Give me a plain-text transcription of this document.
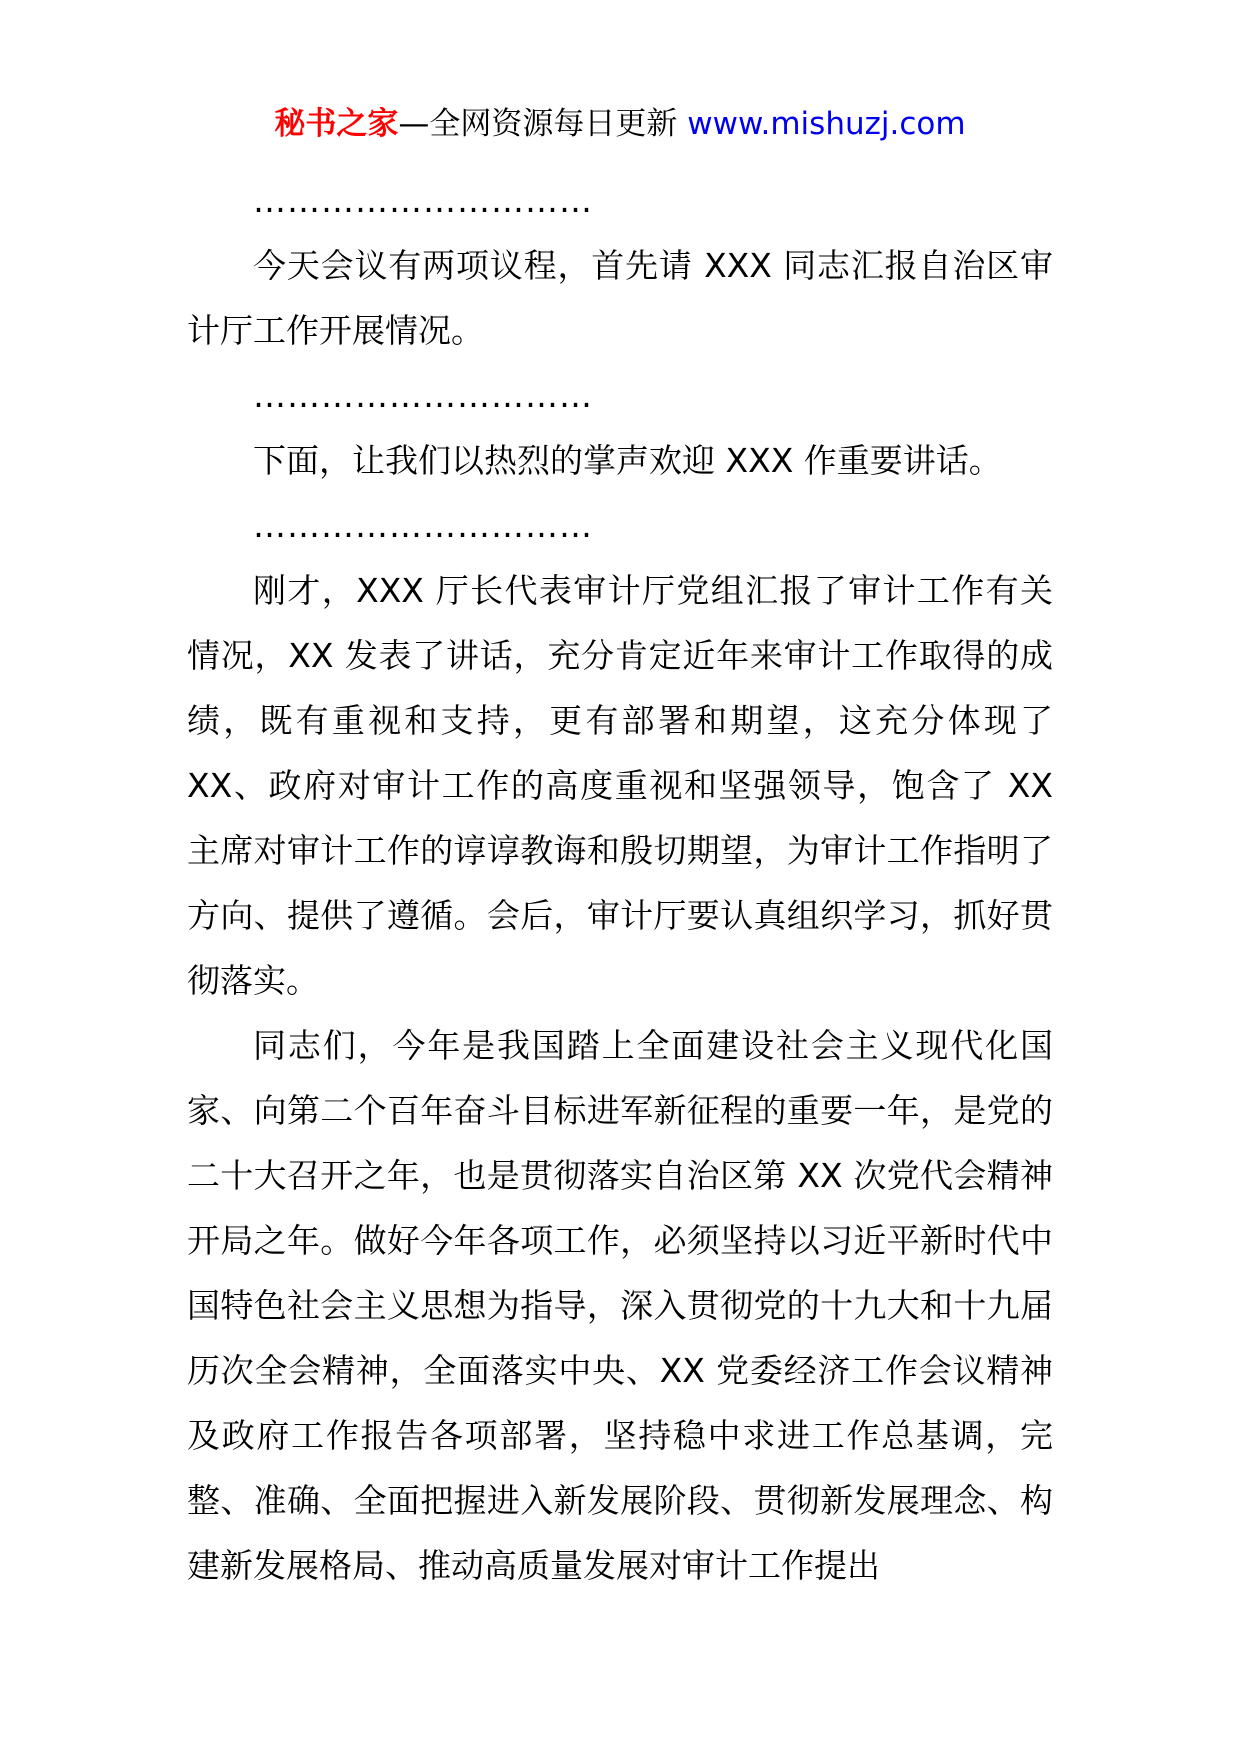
秘书之家—全网资源每日更新 www.mishuzj.com

…………………………

今天会议有两项议程，首先请 XXX 同志汇报自治区审计厅工作开展情况。

…………………………

下面，让我们以热烈的掌声欢迎 XXX 作重要讲话。

…………………………

刚才，XXX 厅长代表审计厅党组汇报了审计工作有关情况，XX 发表了讲话，充分肯定近年来审计工作取得的成绩，既有重视和支持，更有部署和期望，这充分体现了 XX、政府对审计工作的高度重视和坚强领导，饱含了 XX 主席对审计工作的谆谆教诲和殷切期望，为审计工作指明了方向、提供了遵循。会后，审计厅要认真组织学习，抓好贯彻落实。

同志们，今年是我国踏上全面建设社会主义现代化国家、向第二个百年奋斗目标进军新征程的重要一年，是党的二十大召开之年，也是贯彻落实自治区第 XX 次党代会精神开局之年。做好今年各项工作，必须坚持以习近平新时代中国特色社会主义思想为指导，深入贯彻党的十九大和十九届历次全会精神，全面落实中央、XX 党委经济工作会议精神及政府工作报告各项部署，坚持稳中求进工作总基调，完整、准确、全面把握进入新发展阶段、贯彻新发展理念、构建新发展格局、推动高质量发展对审计工作提出
